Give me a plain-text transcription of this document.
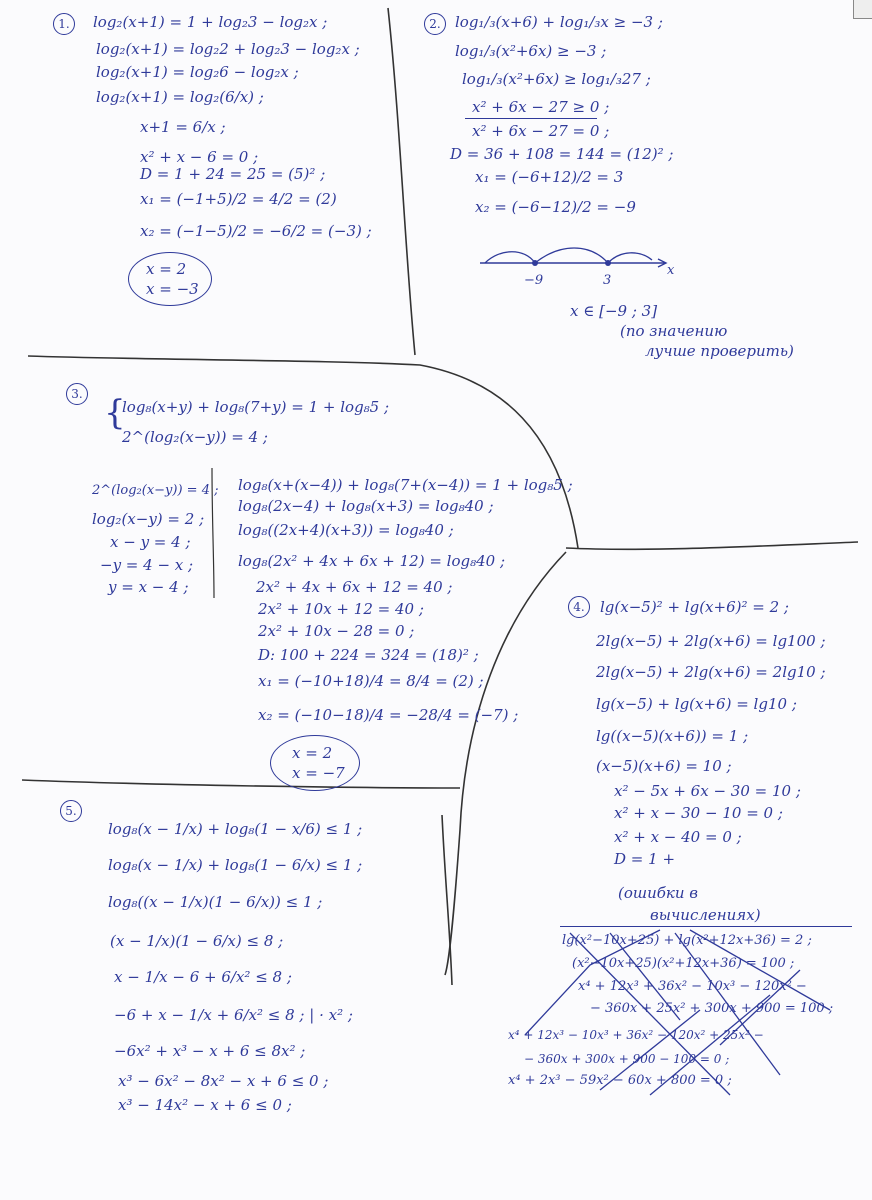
1.	log₂(x+1) = 1 + log₂3 − log₂x ;
log₂(x+1) = log₂2 + log₂3 − log₂x ;
log₂(x+1) = log₂6 − log₂x ;
log₂(x+1) = log₂(6/x) ;
x+1 = 6/x ;
x² + x − 6 = 0 ;
D = 1 + 24 = 25 = (5)² ;
x₁ = (−1+5)/2 = 4/2 = (2)
x₂ = (−1−5)/2 = −6/2 = (−3) ;
x = 2
x = −3
2. log₁/₃(x+6) + log₁/₃x ≥ −3 ;
log₁/₃(x²+6x) ≥ −3 ;
log₁/₃(x²+6x) ≥ log₁/₃27 ;
x² + 6x − 27 ≥ 0 ;
x² + 6x − 27 = 0 ;
D = 36 + 108 = 144 = (12)² ;
x₁ = (−6+12)/2 = 3
x₂ = (−6−12)/2 = −9
−9	3
x
x ∈ [−9 ; 3]
(по значению
лучше проверить)
3. {
log₈(x+y) + log₈(7+y) = 1 + log₈5 ;
2^(log₂(x−y)) = 4 ;
2^(log₂(x−y)) = 4 ;
log₂(x−y) = 2 ;
x − y = 4 ;
−y = 4 − x ;
y = x − 4 ;
log₈(x+(x−4)) + log₈(7+(x−4)) = 1 + log₈5 ;
log₈(2x−4) + log₈(x+3) = log₈40 ;
log₈((2x+4)(x+3)) = log₈40 ;
log₈(2x² + 4x + 6x + 12) = log₈40 ;
2x² + 4x + 6x + 12 = 40 ;
2x² + 10x + 12 = 40 ;
2x² + 10x − 28 = 0 ;
D: 100 + 224 = 324 = (18)² ;
x₁ = (−10+18)/4 = 8/4 = (2) ;
x₂ = (−10−18)/4 = −28/4 = (−7) ;
x = 2
x = −7
4.	lg(x−5)² + lg(x+6)² = 2 ;
2lg(x−5) + 2lg(x+6) = lg100 ;
2lg(x−5) + 2lg(x+6) = 2lg10 ;
lg(x−5) + lg(x+6) = lg10 ;
lg((x−5)(x+6)) = 1 ;
(x−5)(x+6) = 10 ;
x² − 5x + 6x − 30 = 10 ;
x² + x − 30 − 10 = 0 ;
x² + x − 40 = 0 ;
D = 1 +
(ошибки в
вычислениях)
lg(x²−10x+25) + lg(x²+12x+36) = 2 ;
(x²−10x+25)(x²+12x+36) = 100 ;
x⁴ + 12x³ + 36x² − 10x³ − 120x² −
− 360x + 25x² + 300x + 900 = 100 ;
x⁴ + 12x³ − 10x³ + 36x² − 120x² + 25x² −
− 360x + 300x + 900 − 100 = 0 ;
x⁴ + 2x³ − 59x² − 60x + 800 = 0 ;
5.
log₈(x − 1/x) + log₈(1 − x/6) ≤ 1 ;
log₈(x − 1/x) + log₈(1 − 6/x) ≤ 1 ;
log₈((x − 1/x)(1 − 6/x)) ≤ 1 ;
(x − 1/x)(1 − 6/x) ≤ 8 ;
x − 1/x − 6 + 6/x² ≤ 8 ;
−6 + x − 1/x + 6/x² ≤ 8 ; | · x² ;
−6x² + x³ − x + 6 ≤ 8x² ;
x³ − 6x² − 8x² − x + 6 ≤ 0 ;
x³ − 14x² − x + 6 ≤ 0 ;
